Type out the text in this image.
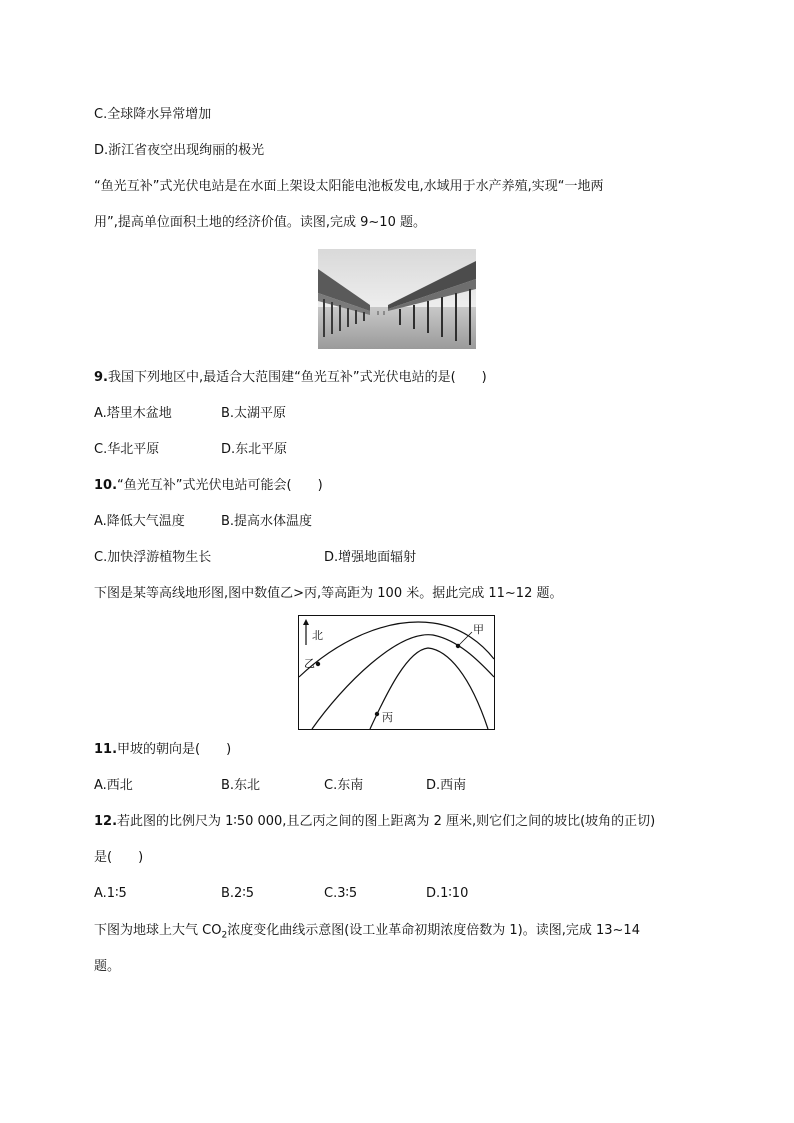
C.全球降水异常增加
D.浙江省夜空出现绚丽的极光
“鱼光互补”式光伏电站是在水面上架设太阳能电池板发电,水域用于水产养殖,实现“一地两
用”,提高单位面积土地的经济价值。读图,完成 9~10 题。
9.我国下列地区中,最适合大范围建“鱼光互补”式光伏电站的是(　　)
A.塔里木盆地	B.太湖平原
C.华北平原	D.东北平原
10.“鱼光互补”式光伏电站可能会(　　)
A.降低大气温度	B.提高水体温度
C.加快浮游植物生长	D.增强地面辐射
下图是某等高线地形图,图中数值乙>丙,等高距为 100 米。据此完成 11~12 题。
北	甲
乙
丙
11.甲坡的朝向是(　　)
A.西北	B.东北	C.东南	D.西南
12.若此图的比例尺为 1∶50 000,且乙丙之间的图上距离为 2 厘米,则它们之间的坡比(坡角的正切)
是(　　)
A.1∶5	B.2∶5	C.3∶5	D.1∶10
下图为地球上大气 $CO_2$浓度变化曲线示意图(设工业革命初期浓度倍数为 1)。读图,完成 13~14
题。
